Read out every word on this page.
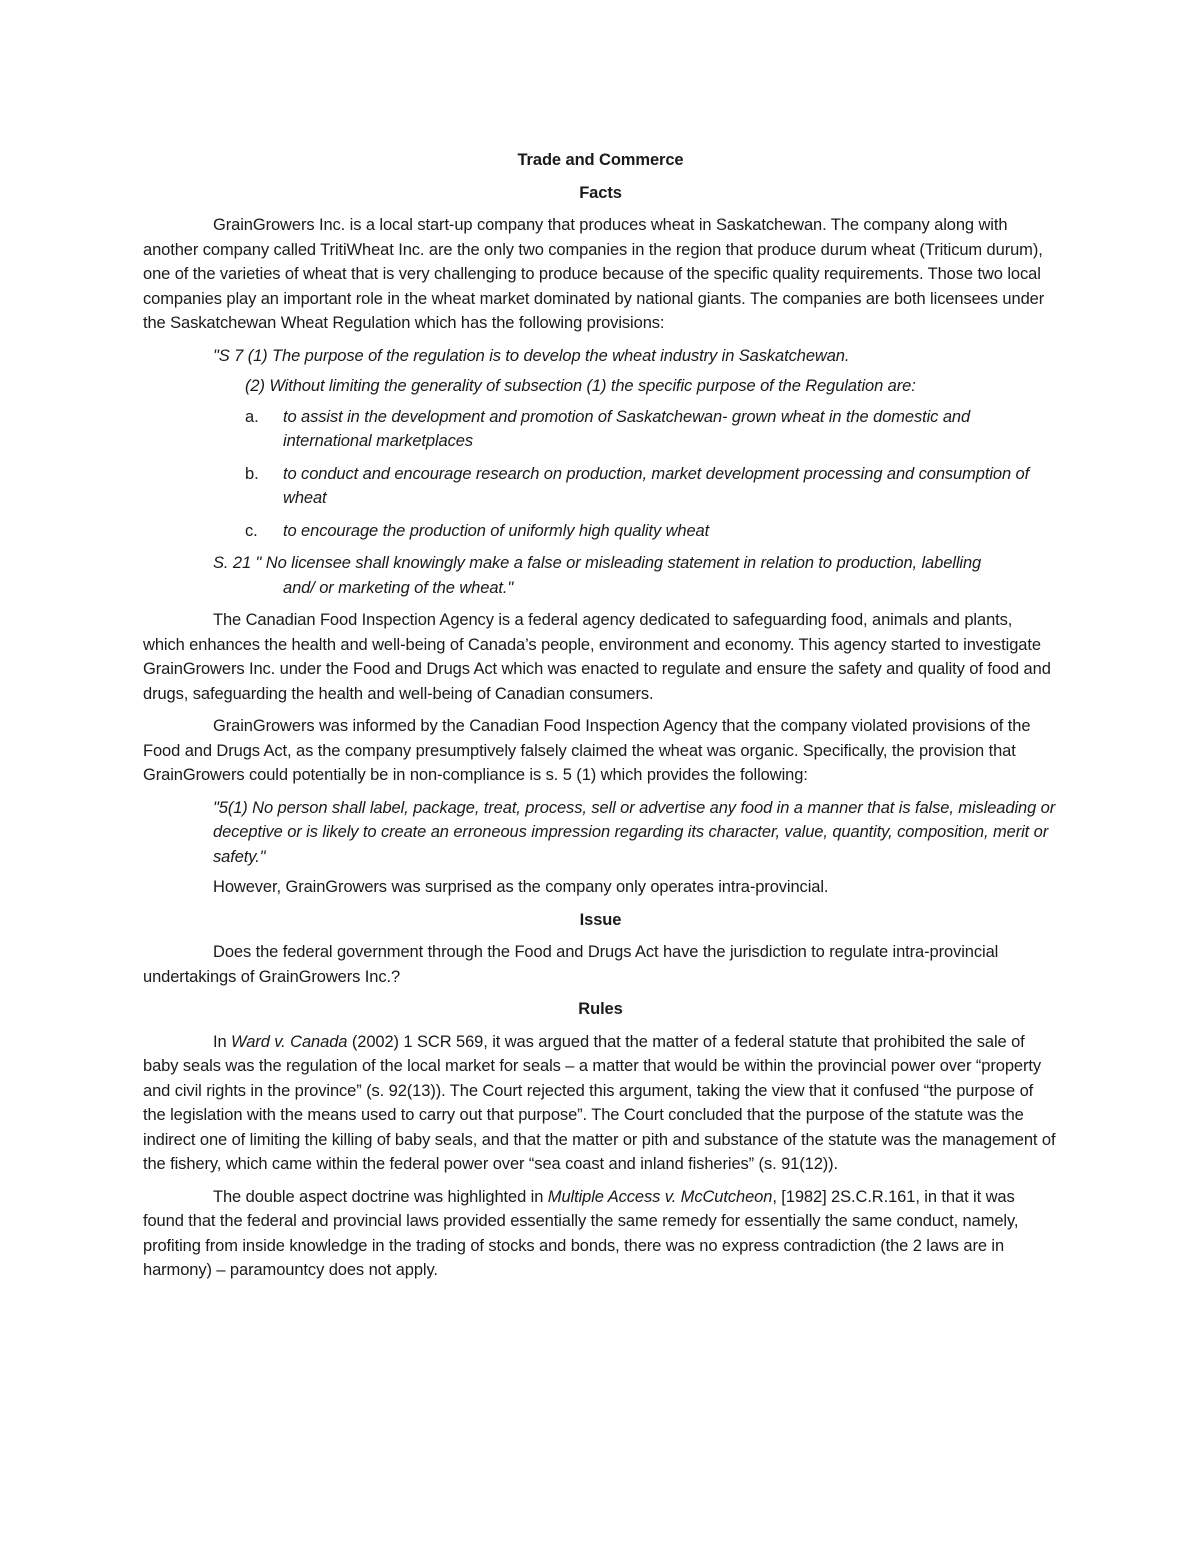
Trade and Commerce

Facts

GrainGrowers Inc. is a local start-up company that produces wheat in Saskatchewan. The company along with another company called TritiWheat Inc. are the only two companies in the region that produce durum wheat (Triticum durum), one of the varieties of wheat that is very challenging to produce because of the specific quality requirements. Those two local companies play an important role in the wheat market dominated by national giants. The companies are both licensees under the Saskatchewan Wheat Regulation which has the following provisions:

"S 7 (1) The purpose of the regulation is to develop the wheat industry in Saskatchewan.

(2) Without limiting the generality of subsection (1) the specific purpose of the Regulation are:

a. to assist in the development and promotion of Saskatchewan- grown wheat in the domestic and international marketplaces
b. to conduct and encourage research on production, market development processing and consumption of wheat
c. to encourage the production of uniformly high quality wheat

S. 21 " No licensee shall knowingly make a false or misleading statement in relation to production, labellingand/ or marketing of the wheat."

The Canadian Food Inspection Agency is a federal agency dedicated to safeguarding food, animals and plants, which enhances the health and well-being of Canada’s people, environment and economy. This agency started to investigate GrainGrowers Inc. under the Food and Drugs Act which was enacted to regulate and ensure the safety and quality of food and drugs, safeguarding the health and well-being of Canadian consumers.

GrainGrowers was informed by the Canadian Food Inspection Agency that the company violated provisions of the Food and Drugs Act, as the company presumptively falsely claimed the wheat was organic. Specifically, the provision that GrainGrowers could potentially be in non-compliance is s. 5 (1) which provides the following:

"5(1) No person shall label, package, treat, process, sell or advertise any food in a manner that is false, misleading or deceptive or is likely to create an erroneous impression regarding its character, value, quantity, composition, merit or safety."

However, GrainGrowers was surprised as the company only operates intra-provincial.

Issue

Does the federal government through the Food and Drugs Act have the jurisdiction to regulate intra-provincial undertakings of GrainGrowers Inc.?

Rules

In Ward v. Canada (2002) 1 SCR 569, it was argued that the matter of a federal statute that prohibited the sale of baby seals was the regulation of the local market for seals – a matter that would be within the provincial power over “property and civil rights in the province” (s. 92(13)). The Court rejected this argument, taking the view that it confused “the purpose of the legislation with the means used to carry out that purpose”. The Court concluded that the purpose of the statute was the indirect one of limiting the killing of baby seals, and that the matter or pith and substance of the statute was the management of the fishery, which came within the federal power over “sea coast and inland fisheries” (s. 91(12)).

The double aspect doctrine was highlighted in Multiple Access v. McCutcheon, [1982] 2S.C.R.161, in that it was found that the federal and provincial laws provided essentially the same remedy for essentially the same conduct, namely, profiting from inside knowledge in the trading of stocks and bonds, there was no express contradiction (the 2 laws are in harmony) – paramountcy does not apply.
